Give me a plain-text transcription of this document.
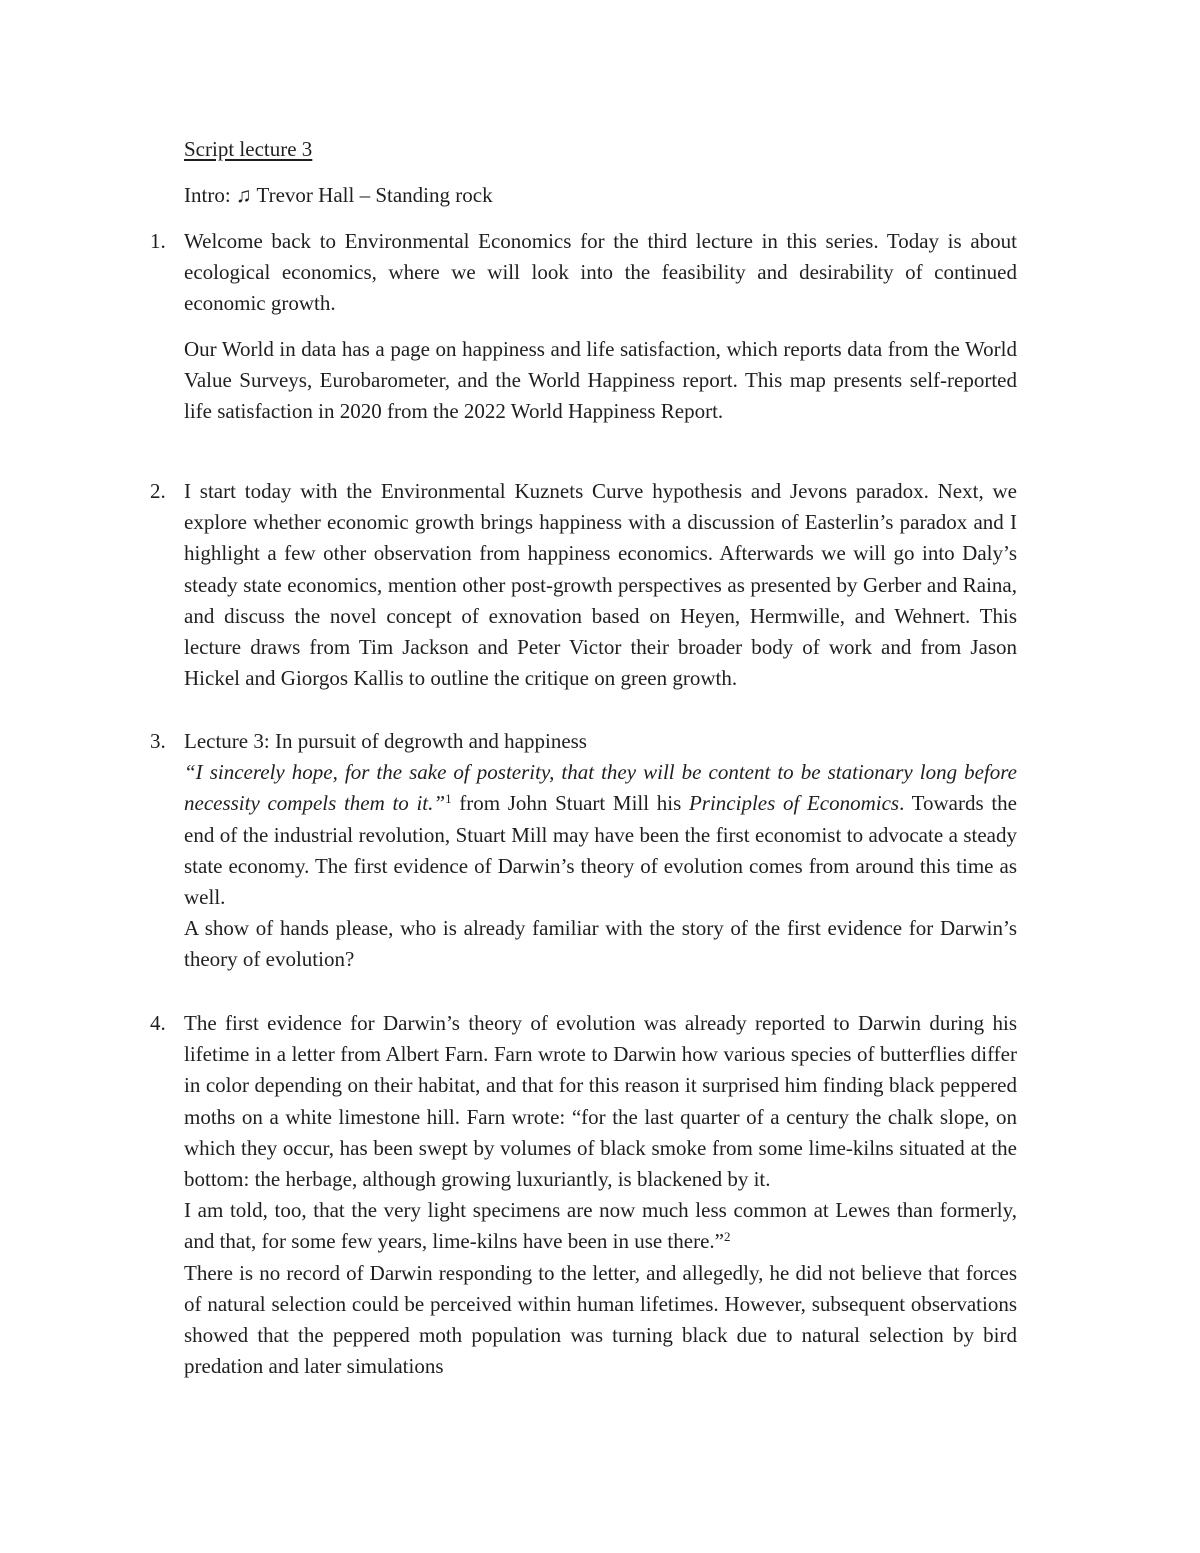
Script lecture 3
Intro: ♫ Trevor Hall – Standing rock
1. Welcome back to Environmental Economics for the third lecture in this series. Today is about ecological economics, where we will look into the feasibility and desirability of continued economic growth.
Our World in data has a page on happiness and life satisfaction, which reports data from the World Value Surveys, Eurobarometer, and the World Happiness report. This map presents self-reported life satisfaction in 2020 from the 2022 World Happiness Report.
2. I start today with the Environmental Kuznets Curve hypothesis and Jevons paradox. Next, we explore whether economic growth brings happiness with a discussion of Easterlin’s paradox and I highlight a few other observation from happiness economics. Afterwards we will go into Daly’s steady state economics, mention other post-growth perspectives as presented by Gerber and Raina, and discuss the novel concept of exnovation based on Heyen, Hermwille, and Wehnert. This lecture draws from Tim Jackson and Peter Victor their broader body of work and from Jason Hickel and Giorgos Kallis to outline the critique on green growth.
3. Lecture 3: In pursuit of degrowth and happiness
“I sincerely hope, for the sake of posterity, that they will be content to be stationary long before necessity compels them to it.”$^1$ from John Stuart Mill his Principles of Economics. Towards the end of the industrial revolution, Stuart Mill may have been the first economist to advocate a steady state economy. The first evidence of Darwin’s theory of evolution comes from around this time as well.
A show of hands please, who is already familiar with the story of the first evidence for Darwin’s theory of evolution?
4. The first evidence for Darwin’s theory of evolution was already reported to Darwin during his lifetime in a letter from Albert Farn. Farn wrote to Darwin how various species of butterflies differ in color depending on their habitat, and that for this reason it surprised him finding black peppered moths on a white limestone hill. Farn wrote: “for the last quarter of a century the chalk slope, on which they occur, has been swept by volumes of black smoke from some lime-kilns situated at the bottom: the herbage, although growing luxuriantly, is blackened by it.
I am told, too, that the very light specimens are now much less common at Lewes than formerly, and that, for some few years, lime-kilns have been in use there.”$^2$
There is no record of Darwin responding to the letter, and allegedly, he did not believe that forces of natural selection could be perceived within human lifetimes. However, subsequent observations showed that the peppered moth population was turning black due to natural selection by bird predation and later simulations
